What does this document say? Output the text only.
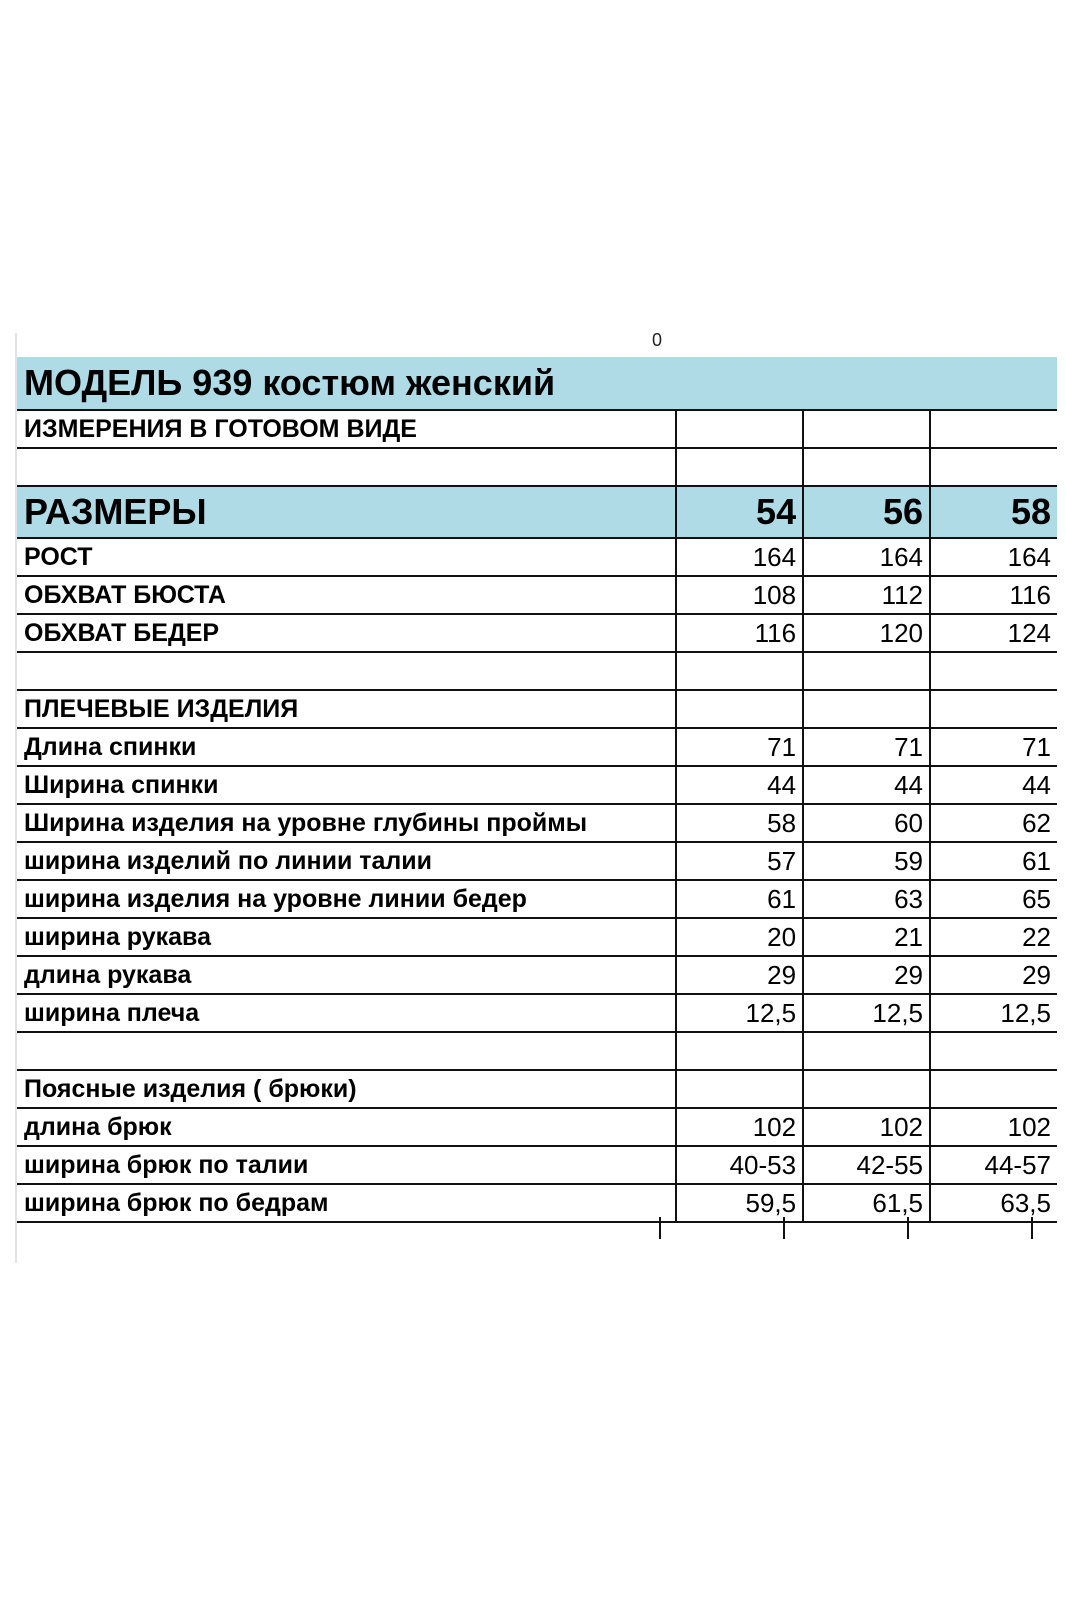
0
МОДЕЛЬ 939 костюм женский			
ИЗМЕРЕНИЯ В ГОТОВОМ ВИДЕ			

РАЗМЕРЫ	54	56	58
РОСТ	164	164	164
ОБХВАТ БЮСТА	108	112	116
ОБХВАТ БЕДЕР	116	120	124

ПЛЕЧЕВЫЕ ИЗДЕЛИЯ			
Длина спинки	71	71	71
Ширина спинки	44	44	44
Ширина изделия на уровне глубины проймы	58	60	62
ширина изделий по линии талии	57	59	61
ширина изделия на уровне линии бедер	61	63	65
ширина рукава	20	21	22
длина рукава	29	29	29
ширина плеча	12,5	12,5	12,5

Поясные изделия ( брюки)			
длина брюк	102	102	102
ширина брюк по талии	40-53	42-55	44-57
ширина брюк по бедрам	59,5	61,5	63,5
